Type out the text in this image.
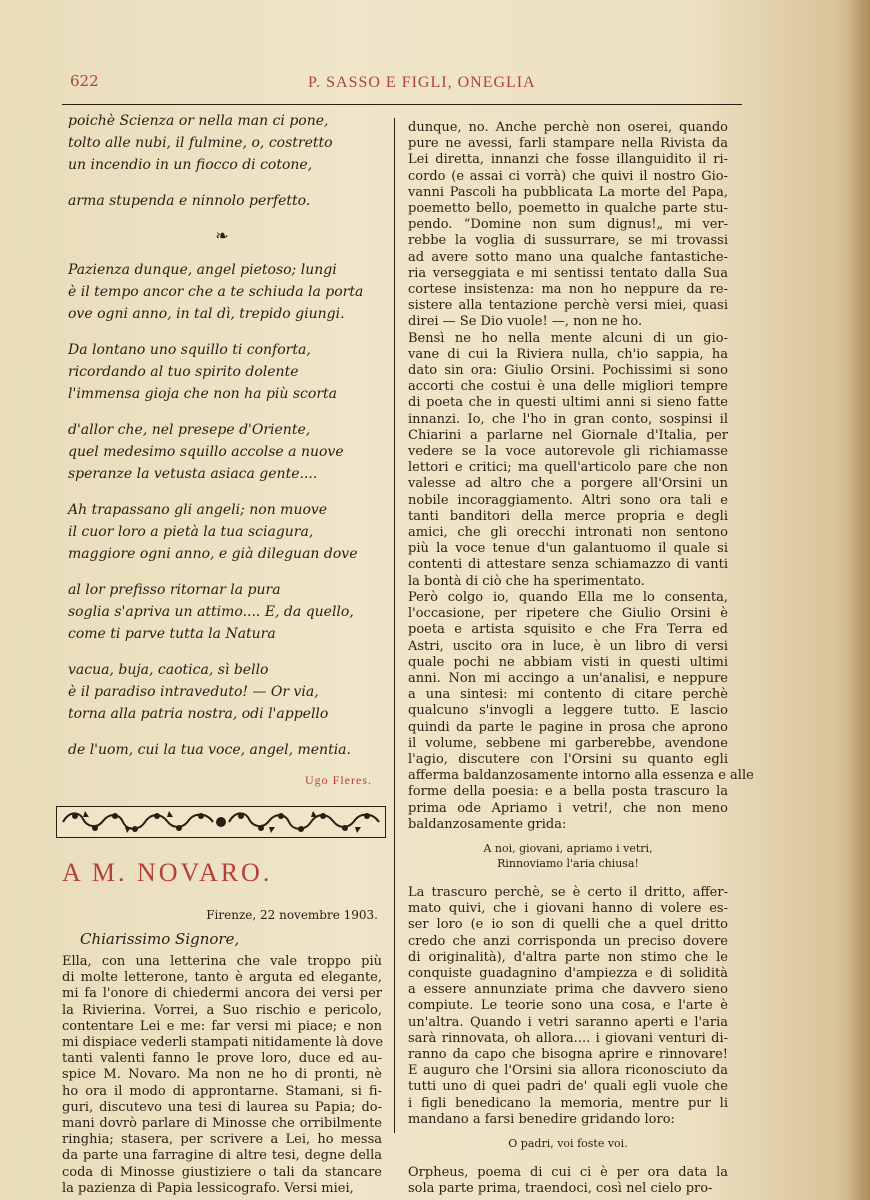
622	P. SASSO E FIGLI, ONEGLIA
poichè Scienza or nella man ci pone,
tolto alle nubi, il fulmine, o, costretto
un incendio in un fiocco di cotone,
arma stupenda e ninnolo perfetto.
❧
Pazienza dunque, angel pietoso; lungi
è il tempo ancor che a te schiuda la porta
ove ogni anno, in tal dì, trepido giungi.
Da lontano uno squillo ti conforta,
ricordando al tuo spirito dolente
l'immensa gioja che non ha più scorta
d'allor che, nel presepe d'Oriente,
quel medesimo squillo accolse a nuove
speranze la vetusta asiaca gente....
Ah trapassano gli angeli; non muove
il cuor loro a pietà la tua sciagura,
maggiore ogni anno, e già dileguan dove
al lor prefisso ritornar la pura
soglia s'apriva un attimo.... E, da quello,
come ti parve tutta la Natura
vacua, buja, caotica, sì bello
è il paradiso intraveduto! — Or via,
torna alla patria nostra, odi l'appello
de l'uom, cui la tua voce, angel, mentia.
Ugo Fleres.
A M. NOVARO.
Firenze, 22 novembre 1903.
Chiarissimo Signore,
Ella, con una letterina che vale troppo più
di molte letterone, tanto è arguta ed elegante,
mi fa l'onore di chiedermi ancora dei versi per
la Rivierina. Vorrei, a Suo rischio e pericolo,
contentare Lei e me: far versi mi piace; e non
mi dispiace vederli stampati nitidamente là dove
tanti valenti fanno le prove loro, duce ed au-
spice M. Novaro. Ma non ne ho di pronti, nè
ho ora il modo di approntarne. Stamani, si fi-
guri, discutevo una tesi di laurea su Papia; do-
mani dovrò parlare di Minosse che orribilmente
ringhia; stasera, per scrivere a Lei, ho messa
da parte una farragine di altre tesi, degne della
coda di Minosse giustiziere o tali da stancare
la pazienza di Papia lessicografo. Versi miei,
dunque, no. Anche perchè non oserei, quando
pure ne avessi, farli stampare nella Rivista da
Lei diretta, innanzi che fosse illanguidito il ri-
cordo (e assai ci vorrà) che quivi il nostro Gio-
vanni Pascoli ha pubblicata La morte del Papa,
poemetto bello, poemetto in qualche parte stu-
pendo. “Domine non sum dignus!„ mi ver-
rebbe la voglia di sussurrare, se mi trovassi
ad avere sotto mano una qualche fantastiche-
ria verseggiata e mi sentissi tentato dalla Sua
cortese insistenza: ma non ho neppure da re-
sistere alla tentazione perchè versi miei, quasi
direi — Se Dio vuole! —, non ne ho.
Bensì ne ho nella mente alcuni di un gio-
vane di cui la Riviera nulla, ch'io sappia, ha
dato sin ora: Giulio Orsini. Pochissimi si sono
accorti che costui è una delle migliori tempre
di poeta che in questi ultimi anni si sieno fatte
innanzi. Io, che l'ho in gran conto, sospinsi il
Chiarini a parlarne nel Giornale d'Italia, per
vedere se la voce autorevole gli richiamasse
lettori e critici; ma quell'articolo pare che non
valesse ad altro che a porgere all'Orsini un
nobile incoraggiamento. Altri sono ora tali e
tanti banditori della merce propria e degli
amici, che gli orecchi intronati non sentono
più la voce tenue d'un galantuomo il quale si
contenti di attestare senza schiamazzo di vanti
la bontà di ciò che ha sperimentato.
Però colgo io, quando Ella me lo consenta,
l'occasione, per ripetere che Giulio Orsini è
poeta e artista squisito e che Fra Terra ed
Astri, uscito ora in luce, è un libro di versi
quale pochi ne abbiam visti in questi ultimi
anni. Non mi accingo a un'analisi, e neppure
a una sintesi: mi contento di citare perchè
qualcuno s'invogli a leggere tutto. E lascio
quindi da parte le pagine in prosa che aprono
il volume, sebbene mi garberebbe, avendone
l'agio, discutere con l'Orsini su quanto egli
afferma baldanzosamente intorno alla essenza e alle
forme della poesia: e a bella posta trascuro la
prima ode Apriamo i vetri!, che non meno
baldanzosamente grida:
A noi, giovani, apriamo i vetri,
Rinnoviamo l'aria chiusa!
La trascuro perchè, se è certo il dritto, affer-
mato quivi, che i giovani hanno di volere es-
ser loro (e io son di quelli che a quel dritto
credo che anzi corrisponda un preciso dovere
di originalità), d'altra parte non stimo che le
conquiste guadagnino d'ampiezza e di solidità
a essere annunziate prima che davvero sieno
compiute. Le teorie sono una cosa, e l'arte è
un'altra. Quando i vetri saranno aperti e l'aria
sarà rinnovata, oh allora.... i giovani venturi di-
ranno da capo che bisogna aprire e rinnovare!
E auguro che l'Orsini sia allora riconosciuto da
tutti uno di quei padri de' quali egli vuole che
i figli benedicano la memoria, mentre pur li
mandano a farsi benedire gridando loro:
O padri, voi foste voi.
Orpheus, poema di cui ci è per ora data la
sola parte prima, traendoci, così nel cielo pro-
